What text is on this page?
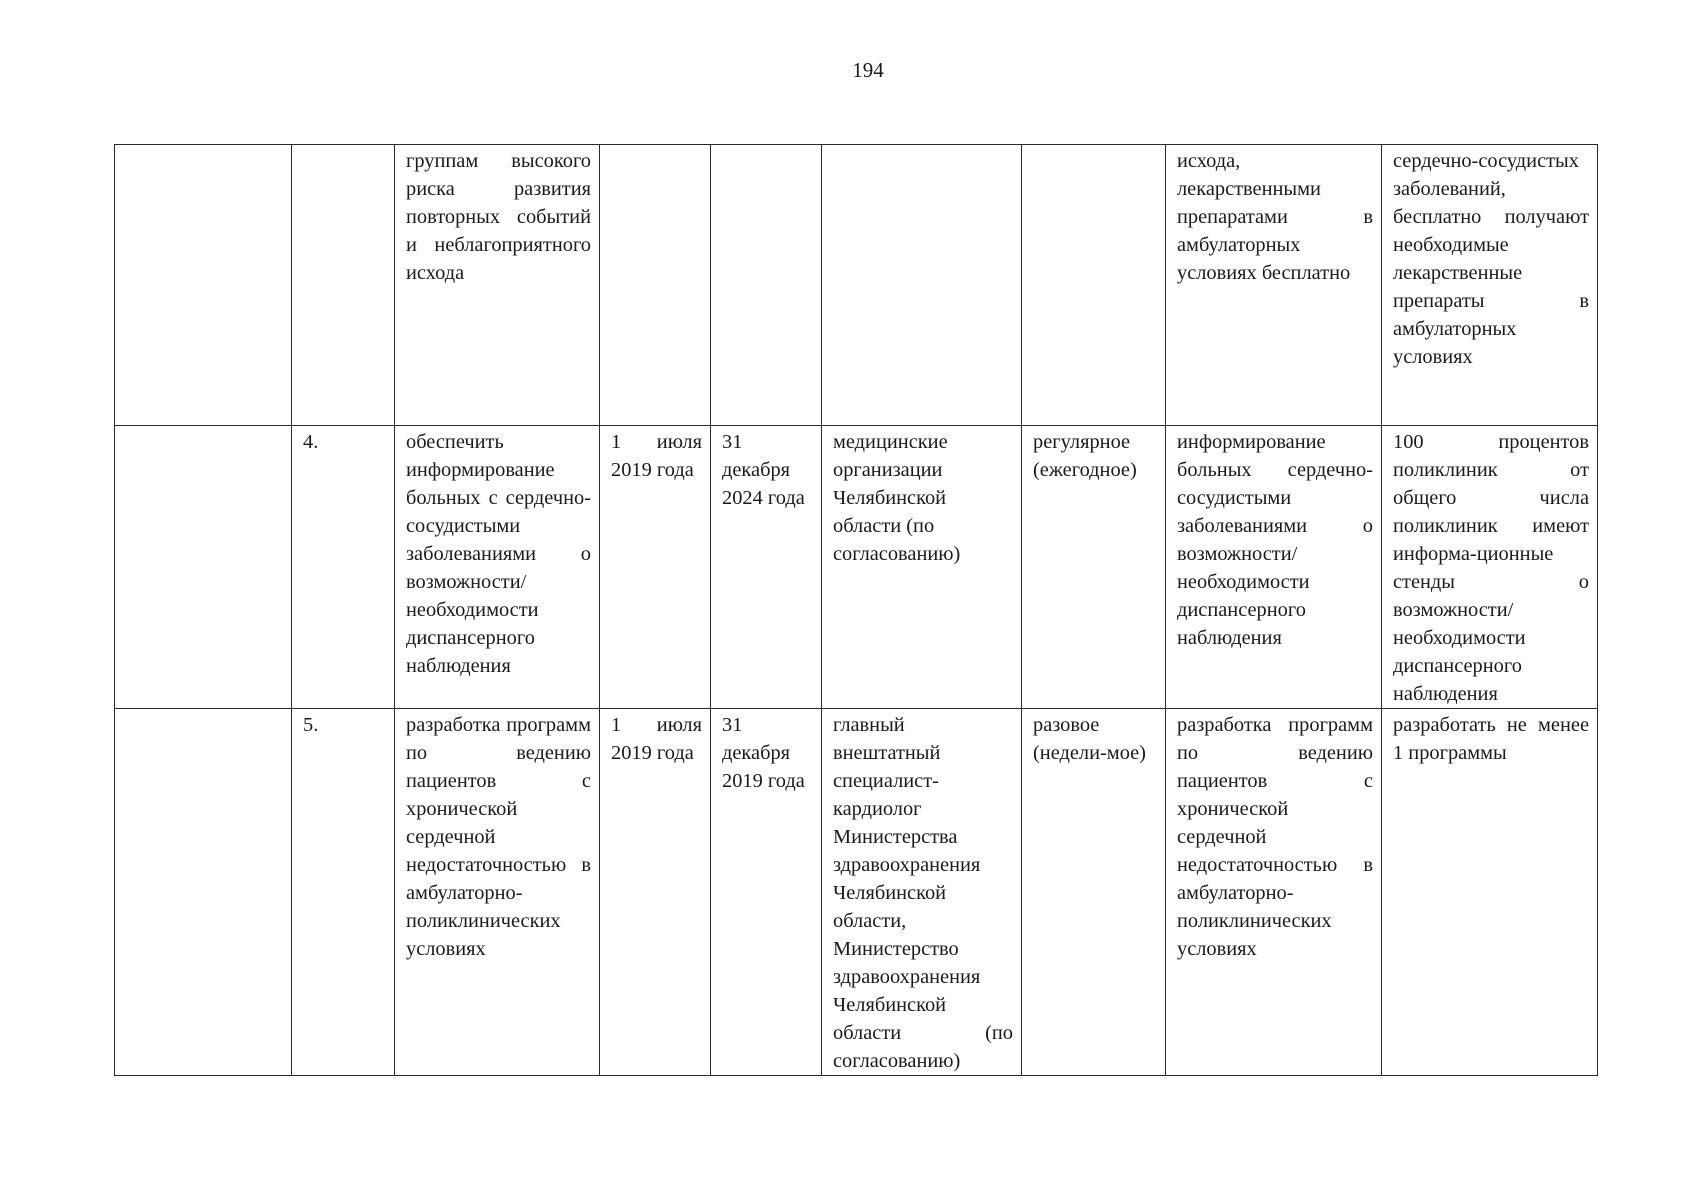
194
		группам высокого риска развития повторных событий и неблагоприятного исхода					исхода, лекарственными препаратами в амбулаторных условиях бесплатно	сердечно-сосудистых заболеваний, бесплатно получают необходимые лекарственные препараты в амбулаторных условиях
	4.	обеспечить информирование больных с сердечно-сосудистыми заболеваниями о возможности/ необходимости диспансерного наблюдения	1 июля 2019 года	31 декабря 2024 года	медицинские организации Челябинской области (по согласованию)	регулярное (ежегодное)	информирование больных сердечно-сосудистыми заболеваниями о возможности/ необходимости диспансерного наблюдения	100 процентов поликлиник от общего числа поликлиник имеют информа-ционные стенды о возможности/ необходимости диспансерного наблюдения
	5.	разработка программ по ведению пациентов с хронической сердечной недостаточностью в амбулаторно-поликлинических условиях	1 июля 2019 года	31 декабря 2019 года	главный внештатный специалист-кардиолог Министерства здравоохранения Челябинской области, Министерство здравоохранения Челябинской области (по согласованию)	разовое (недели-мое)	разработка программ по ведению пациентов с хронической сердечной недостаточностью в амбулаторно-поликлинических условиях	разработать не менее 1 программы
